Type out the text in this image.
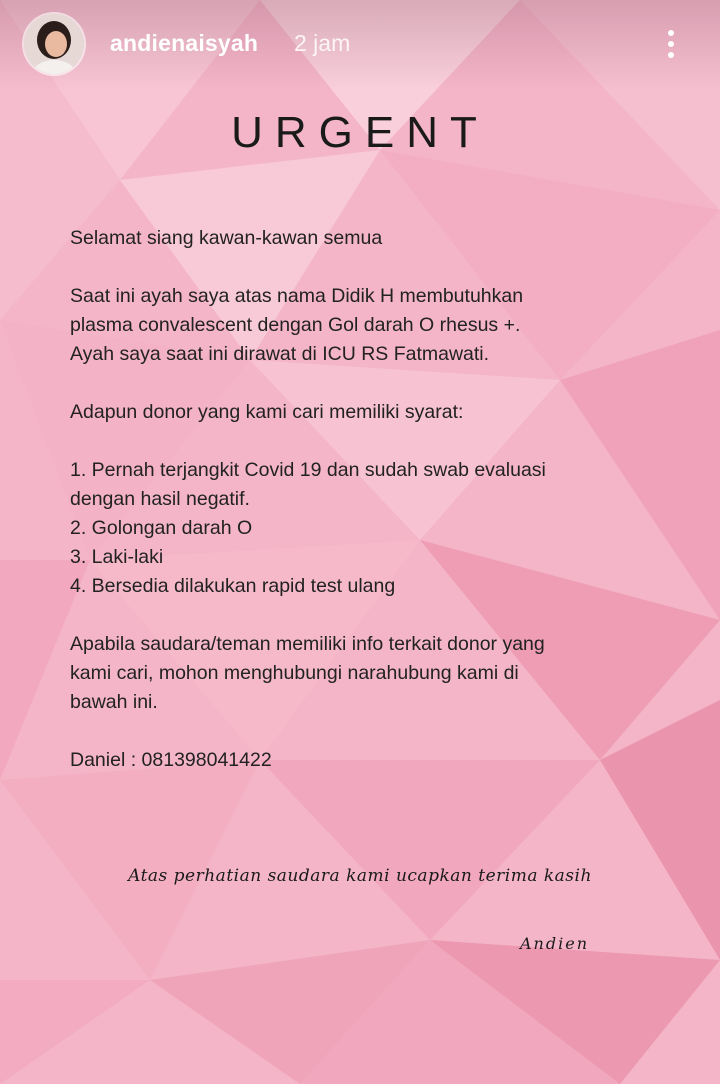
andienaisyah 2 jam
URGENT

Selamat siang kawan-kawan semua

Saat ini ayah saya atas nama Didik H membutuhkan

plasma convalescent dengan Gol darah O rhesus +.

Ayah saya saat ini dirawat di ICU RS Fatmawati.

Adapun donor yang kami cari memiliki syarat:

1. Pernah terjangkit Covid 19 dan sudah swab evaluasi

dengan hasil negatif.

2. Golongan darah O

3. Laki-laki

4. Bersedia dilakukan rapid test ulang

Apabila saudara/teman memiliki info terkait donor yang

kami cari, mohon menghubungi narahubung kami di

bawah ini.

Daniel : 081398041422

Atas perhatian saudara kami ucapkan terima kasih
Andien
